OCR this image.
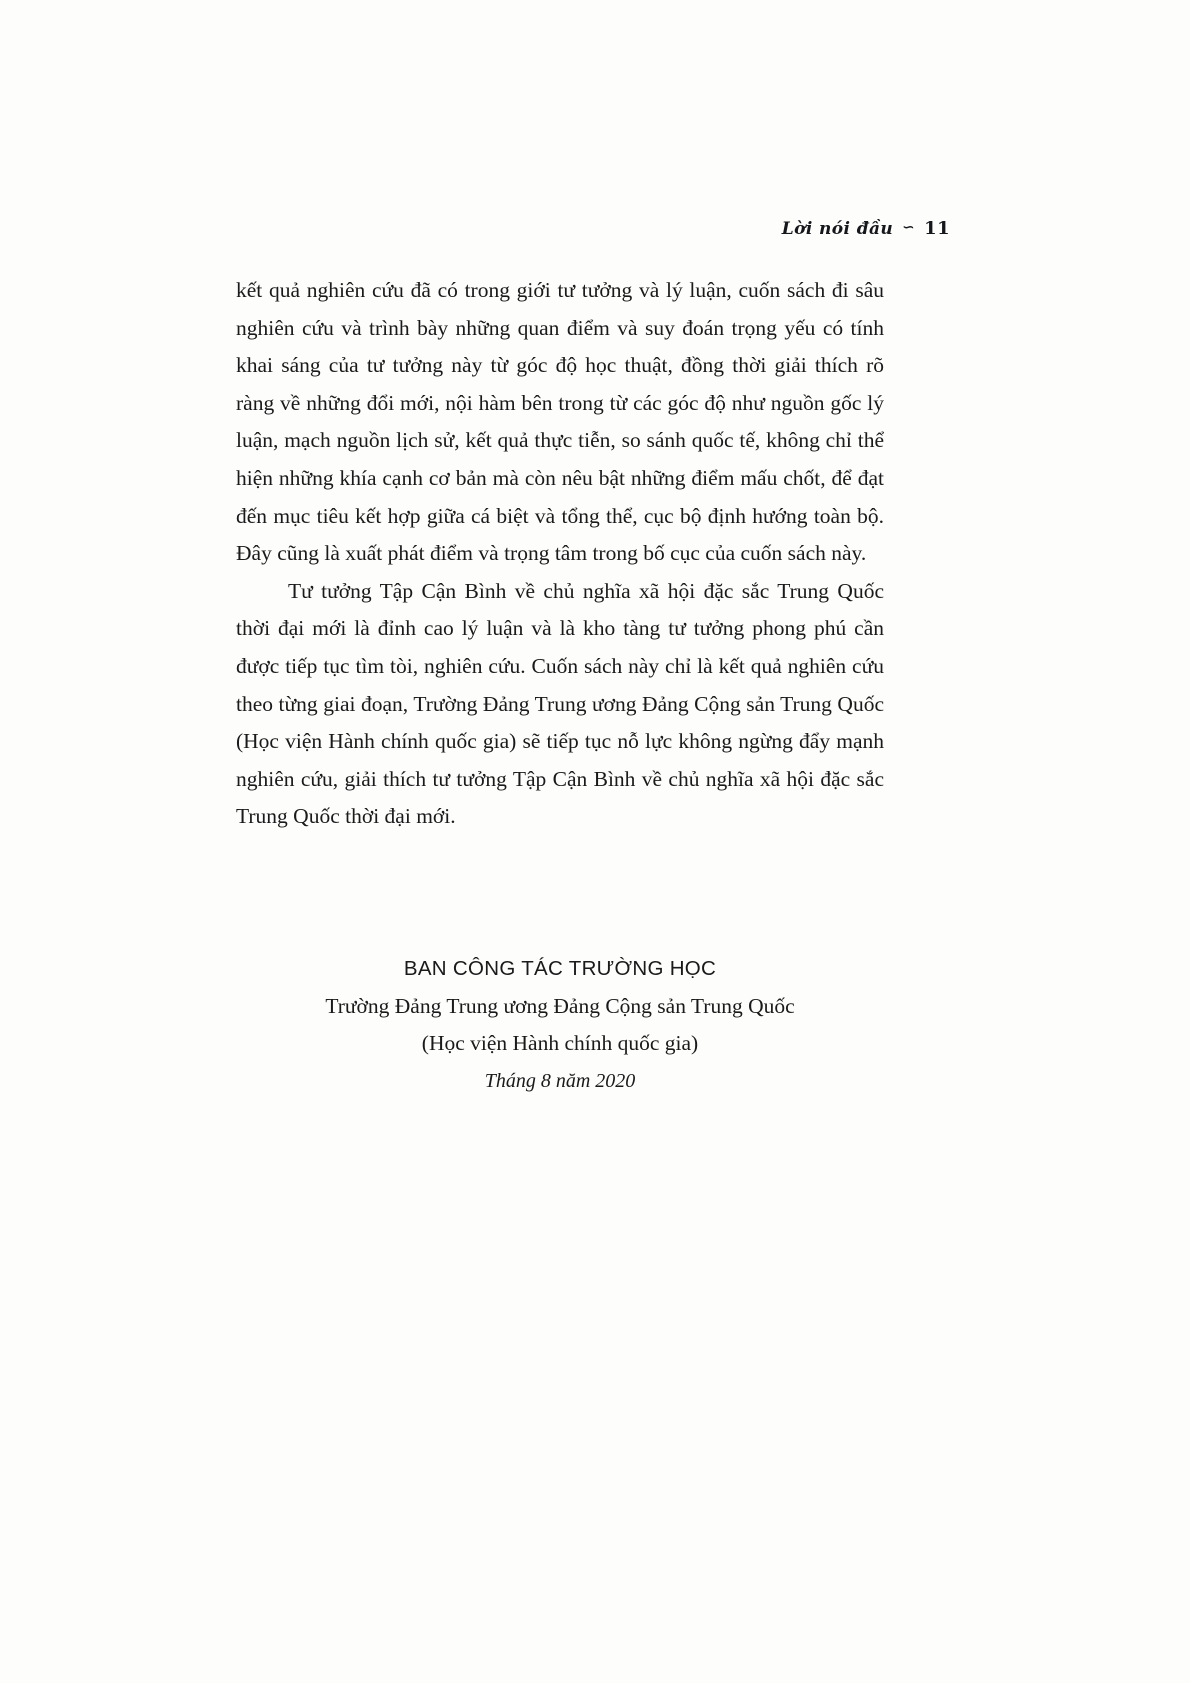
Lời nói đầu ∽ 11

kết quả nghiên cứu đã có trong giới tư tưởng và lý luận, cuốn sách đi sâu nghiên cứu và trình bày những quan điểm và suy đoán trọng yếu có tính khai sáng của tư tưởng này từ góc độ học thuật, đồng thời giải thích rõ ràng về những đổi mới, nội hàm bên trong từ các góc độ như nguồn gốc lý luận, mạch nguồn lịch sử, kết quả thực tiễn, so sánh quốc tế, không chỉ thể hiện những khía cạnh cơ bản mà còn nêu bật những điểm mấu chốt, để đạt đến mục tiêu kết hợp giữa cá biệt và tổng thể, cục bộ định hướng toàn bộ. Đây cũng là xuất phát điểm và trọng tâm trong bố cục của cuốn sách này.

Tư tưởng Tập Cận Bình về chủ nghĩa xã hội đặc sắc Trung Quốc thời đại mới là đỉnh cao lý luận và là kho tàng tư tưởng phong phú cần được tiếp tục tìm tòi, nghiên cứu. Cuốn sách này chỉ là kết quả nghiên cứu theo từng giai đoạn, Trường Đảng Trung ương Đảng Cộng sản Trung Quốc (Học viện Hành chính quốc gia) sẽ tiếp tục nỗ lực không ngừng đẩy mạnh nghiên cứu, giải thích tư tưởng Tập Cận Bình về chủ nghĩa xã hội đặc sắc Trung Quốc thời đại mới.

BAN CÔNG TÁC TRƯỜNG HỌC
Trường Đảng Trung ương Đảng Cộng sản Trung Quốc
(Học viện Hành chính quốc gia)
Tháng 8 năm 2020
